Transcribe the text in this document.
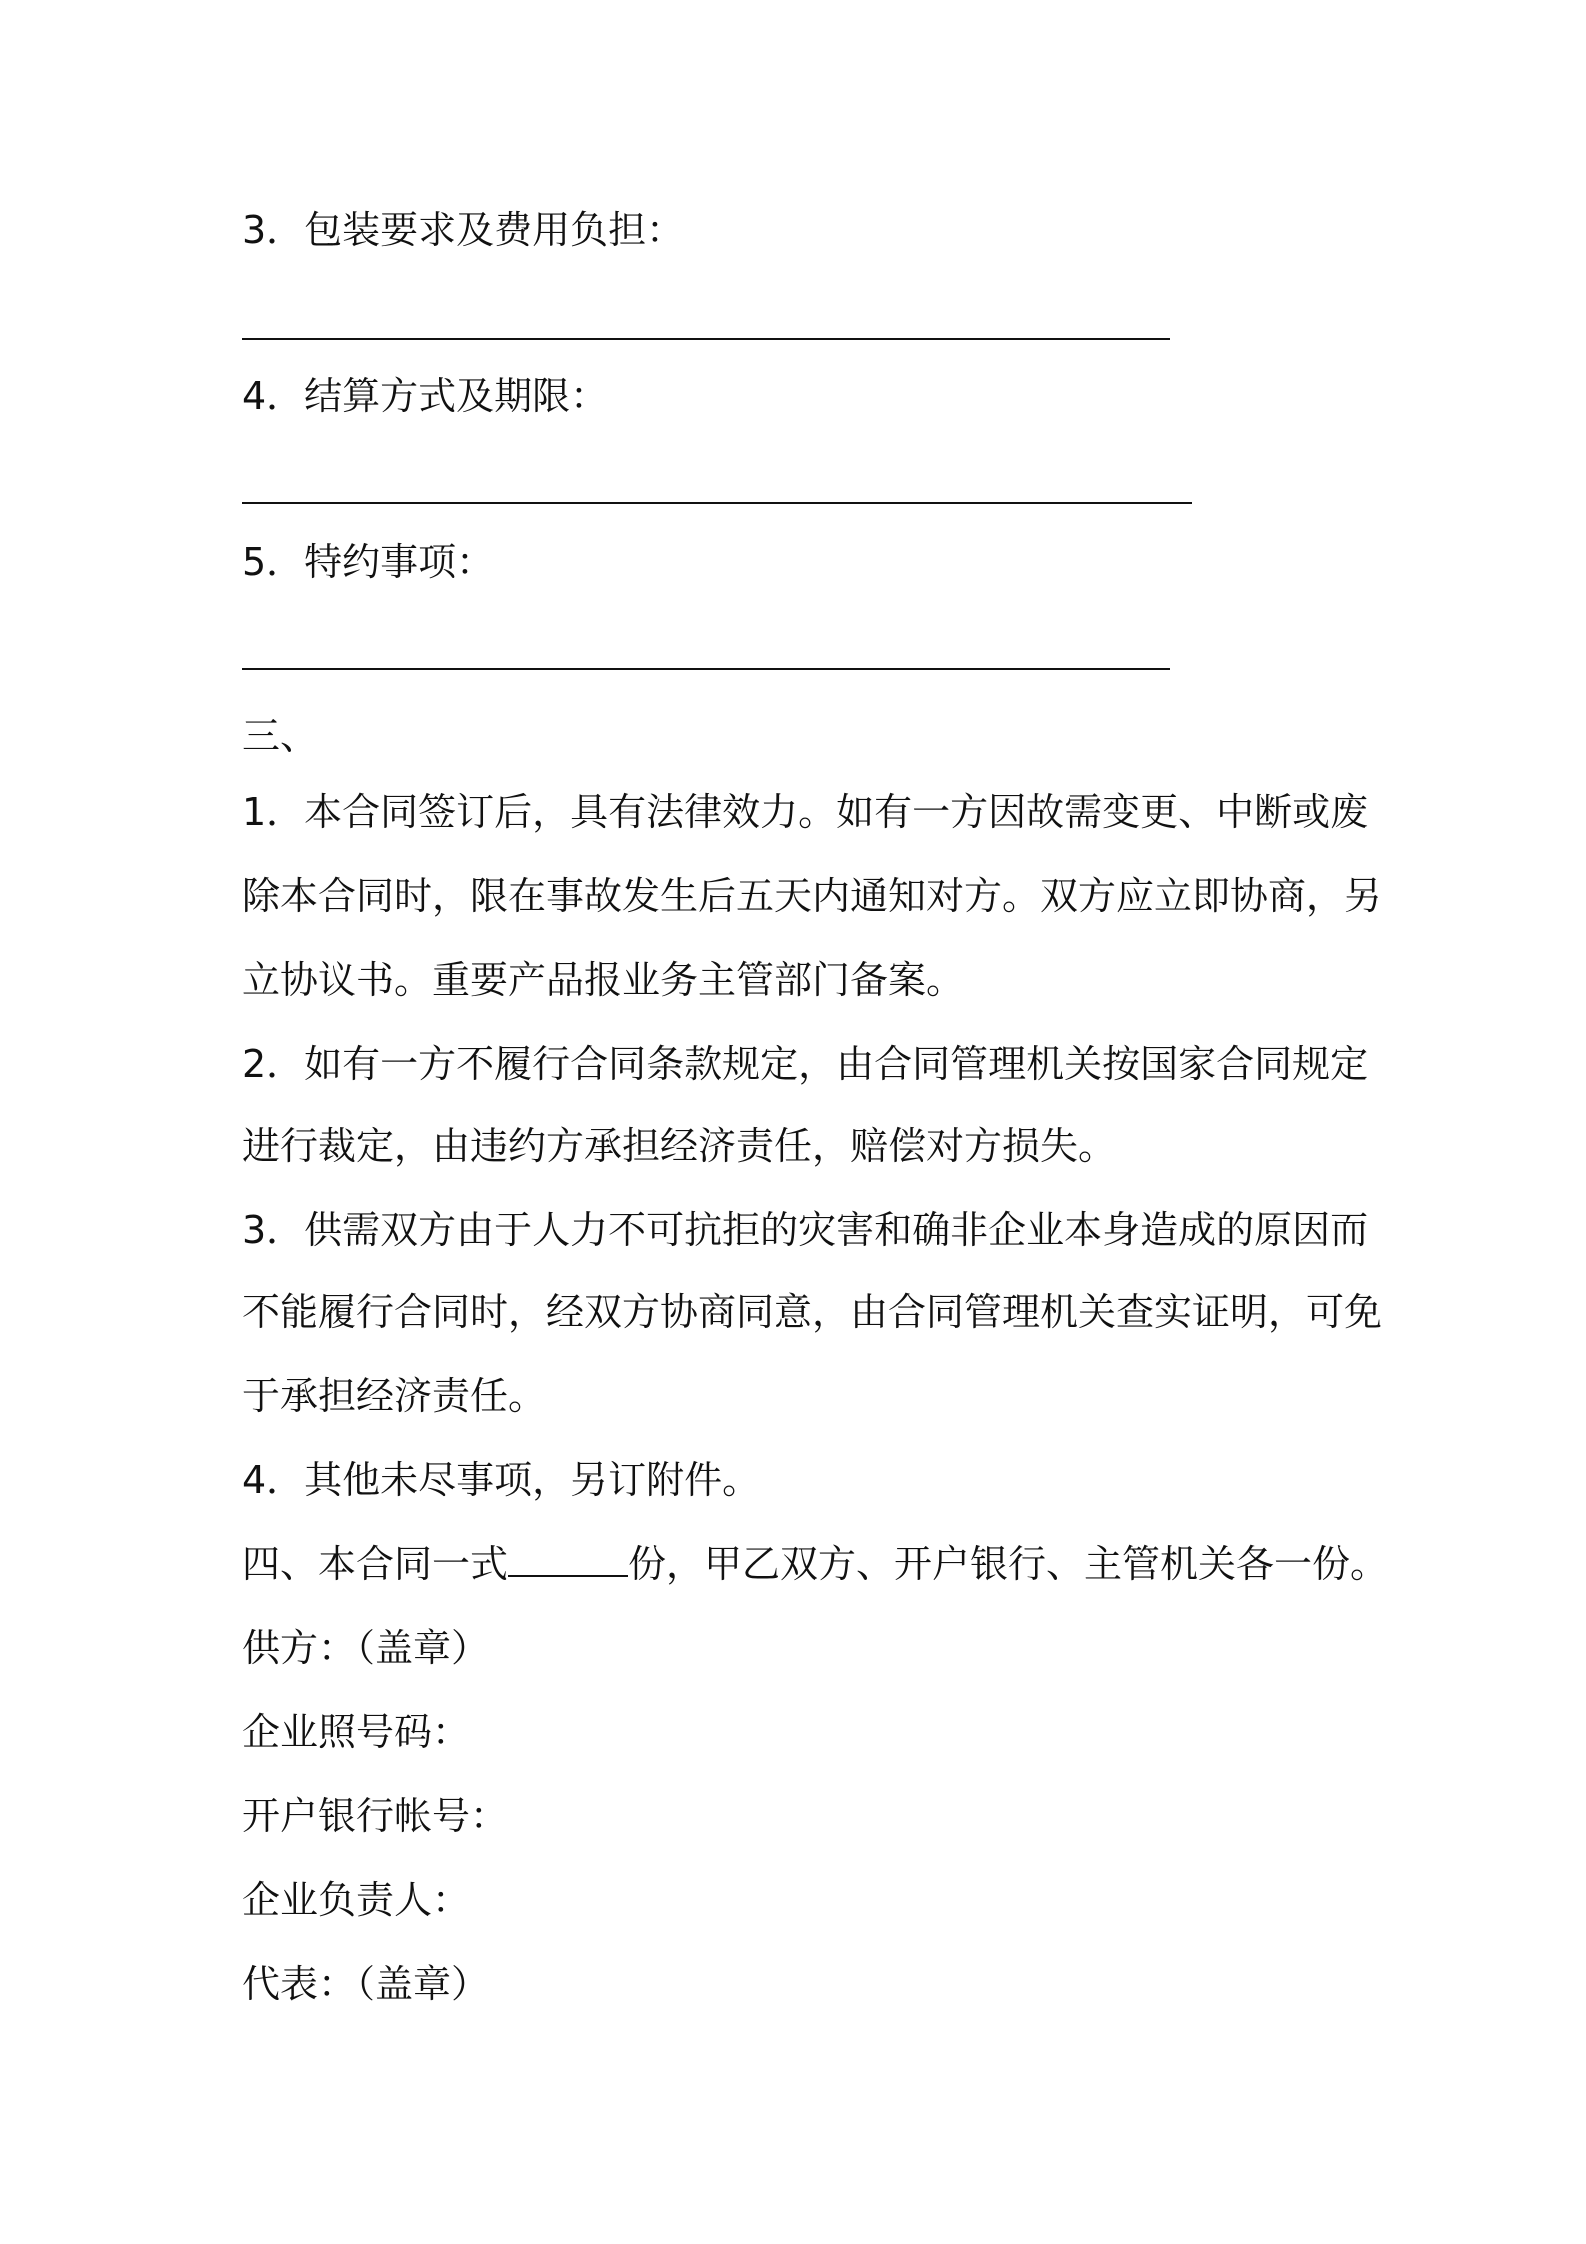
3．包装要求及费用负担：
4．结算方式及期限：
5．特约事项：
三、
1．本合同签订后，具有法律效力。如有一方因故需变更、中断或废
除本合同时，限在事故发生后五天内通知对方。双方应立即协商，另
立协议书。重要产品报业务主管部门备案。
2．如有一方不履行合同条款规定，由合同管理机关按国家合同规定
进行裁定，由违约方承担经济责任，赔偿对方损失。
3．供需双方由于人力不可抗拒的灾害和确非企业本身造成的原因而
不能履行合同时，经双方协商同意，由合同管理机关查实证明，可免
于承担经济责任。
4．其他未尽事项，另订附件。
四、本合同一式	份，甲乙双方、开户银行、主管机关各一份。
供方：（盖章）
企业照号码：
开户银行帐号：
企业负责人：
代表：（盖章）
